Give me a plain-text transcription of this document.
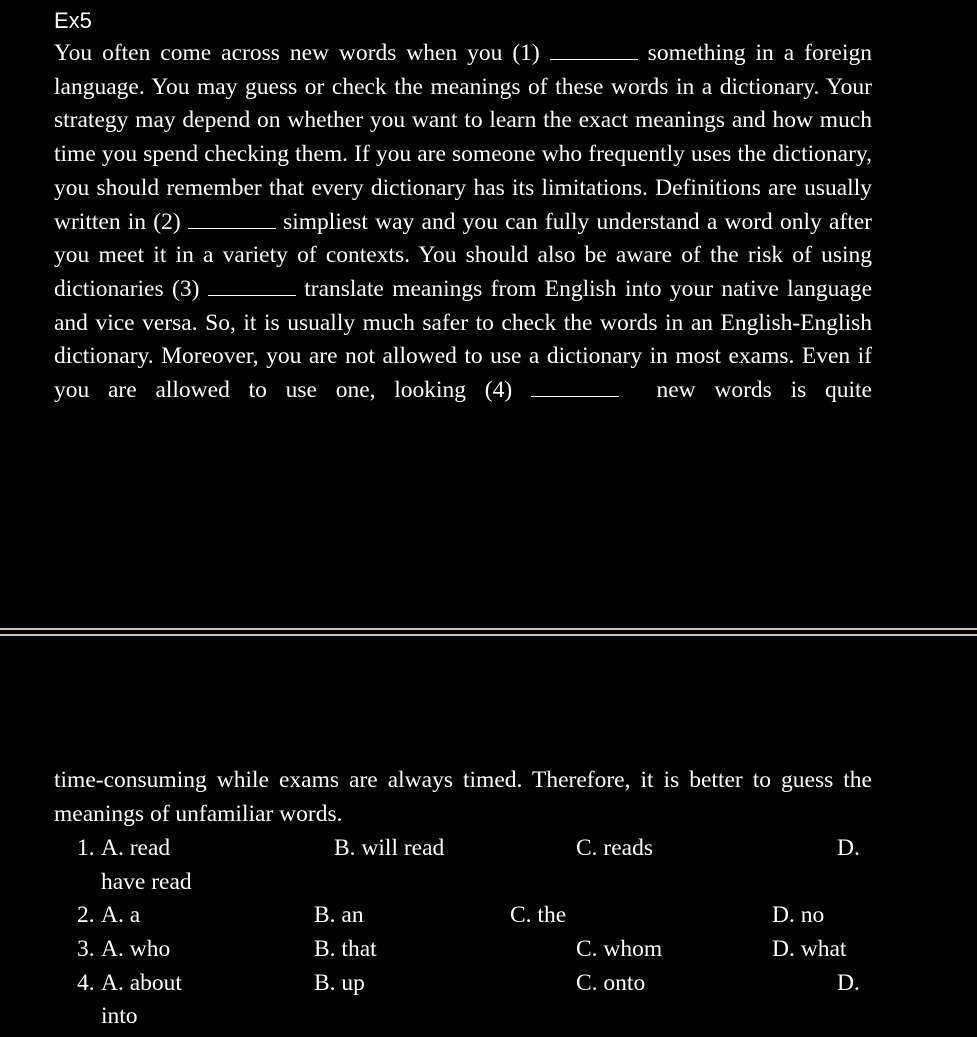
Ex5
You often come across new words when you (1)	something in a foreign language. You may guess or check the meanings of these words in a dictionary. Your strategy may depend on whether you want to learn the exact meanings and how much time you spend checking them. If you are someone who frequently uses the dictionary, you should remember that every dictionary has its limitations. Definitions are usually written in (2)	simpliest way and you can fully understand a word only after you meet it in a variety of contexts. You should also be aware of the risk of using dictionaries (3)	translate meanings from English into your native language and vice versa. So, it is usually much safer to check the words in an English-English dictionary. Moreover, you are not allowed to use a dictionary in most exams. Even if you are allowed to use one, looking (4)	new words is quite
time-consuming while exams are always timed. Therefore, it is better to guess the meanings of unfamiliar words.
1. A. read	B. will read	C. reads	D.
have read
2. A. a	B. an	C. the	D. no
3. A. who	B. that	C. whom	D. what
4. A. about	B. up	C. onto	D.
into
